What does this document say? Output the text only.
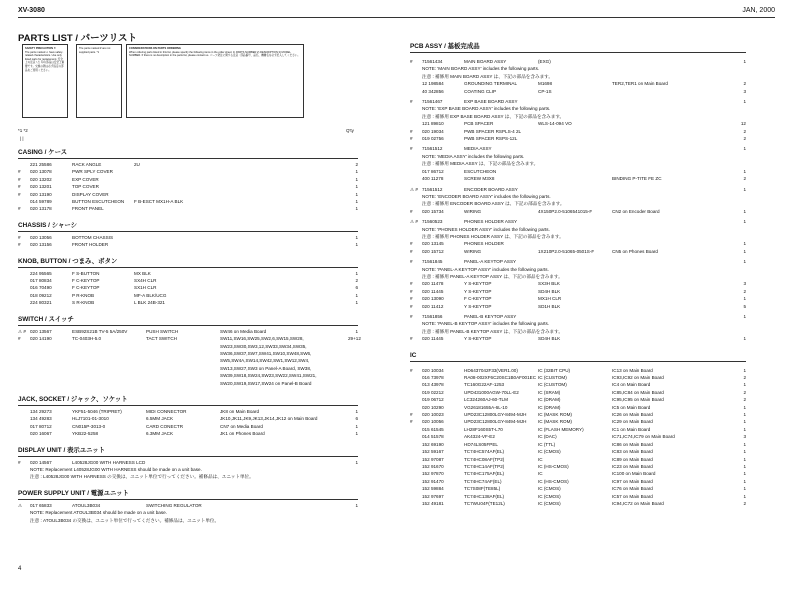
XV-3080	JAN, 2000
PARTS LIST / パーツリスト
SAFETY PRECAUTION !!
The parts marked ⚠ have safety-related characteristics. Use only listed parts for replacement. 安全上の注意 ! ⚠ 印の部品は安全上重要です。交換の際は必ず指定の部品をご使用ください。
The parts marked # are not supplied parts. *1
CONSIDERATIONS ON PARTS ORDERING
When ordering parts listed in this list, please specify the following items in the order sheet: 1) PARTS NUMBER 2) DESCRIPTION 3) MODEL NUMBER. If there is no description in the parts list, please contact us. パーツ発注に関する注意 : 部品番号、品名、機種名を必ず記入してください。
*1 *2
| |
Q'ty
CASING / ケース
221 25586	RACK ANGLE	2U	2
#	020 13078	PWR SPLY COVER	1
#	020 13202	EXP COVER	1
#	020 13201	TOP COVER	1
#	020 13190	DISPLAY COVER	1
014 59789	BUTTON ESCUTCHEON	F B-ESCT MX1H-A BLK	1
#	020 13178	FRONT PANEL	1
CHASSIS / シャーシ
#	020 13056	BOTTOM CHASSIS	1
#	020 13156	FRONT HOLDER	1
KNOB, BUTTON / つまみ、ボタン
224 95565	F S-BUTTON	MX BLK	1
017 80834	F C-KEYTOP	SX4H CLR	2
016 70490	F C-KEYTOP	SX1H CLR	6
018 09212	P R-KNOB	MF-A BLK/UCG	1
224 80321	S R-KNOB	L BLK 24B-321	1
SWITCH / スイッチ
⚠ # 020 13567	ESB92S21B TV-5 5A/250V	PUSH SWITCH	SW46 on Media Board	1
#	020 14190	TC-0403H-5.0	TACT SWITCH	SW11,SW16,SW25,SW2,6,SW15,SW28, SW23,SW30,SW3,12,SW33,SW34,SW35, SW36,SW37,SW7,SW41,SW10,SW48,SW6, SW5,SW4A,SW14,SW42,SW1,SW12,SW4, SW13,SW27,SW3 on Panel-A Board, SW38, SW39,SW18,SW24,SW23,SW22,SW41,SW21, SW20,SW19,SW17,SW24 on Panel-B Board
29+12
JACK, SOCKET / ジャック、ソケット
134 29273	YKF51-5046 (TRIPRET)	MIDI CONNECTOR	JK8 on Main Board	1
134 49283	HLJ7101-01-3010	6.5MM JACK	JK10,JK11,JK9,JK13,JK14,JK12 on Main Board	6
017 80712	CN015P-3013-0	CARD CONECTR	CN7 on Media Board	1
020 16067	YKB22-5258	6.3MM JACK	JK1 on Phones Board	1
DISPLAY UNIT / 表示ユニット
#	020 14567	L40528JG00 WITH HARNESS LCD	1
NOTE: Replacement L40528JG00 WITH HARNESS should be made on a unit base.
注意 : L40528JG00 WITH HARNESS の交換は、ユニット単位で行ってください。補修品は、ユニット単位。
POWER SUPPLY UNIT / 電源ユニット
⚠	017 65833	ATOUL3B034	SWITCHING REGULATOR	1
NOTE: Replacement ATOUL3B034 should be made on a unit base.
注意 : ATOUL3B034 の交換は、ユニット単位で行ってください。補修品は、ユニット単位。
PCB ASSY / 基板完成品
#	71561434	MAIN BOARD ASSY	(EXG)	1
NOTE: 'MAIN BOARD ASSY' includes the following parts.
注意 : 補修用 MAIN BOARD ASSY は、下記の部品を含みます。
12 198584	GROUNDING TERMINAL	M1698	TER2,TER1 on Main Board	2
40 342856	COATING CLIP	CP-1S	3
#	71561467	EXP BASE BOARD ASSY	1
NOTE: 'EXP BASE BOARD ASSY' includes the following parts.
注意 : 補修用 EXP BASE BOARD ASSY は、下記の部品を含みます。
121 89810	PCB SPACER	WLS-14-094 VO	12
#	020 19034	PWB SPACER RSPLS-4 2L	2
#	019 02756	PWB SPACER RSPS-12L	2
#	71561512	MEDIA ASSY	1
NOTE: 'MEDIA ASSY' includes the following parts.
注意 : 補修用 MEDIA ASSY は、下記の部品を含みます。
017 86712	ESCUTCHEON	1
400 11278	SCREW M3X8	BINDING P-TITE FE ZC	2
⚠ # 71561512	ENCODER BOARD ASSY	1
NOTE: 'ENCODER BOARD ASSY' includes the following parts.
注意 : 補修用 ENCODER BOARD ASSY は、下記の部品を含みます。
#	020 15734	WIRING	4X150P2.0-5106541015-F	CN2 on Encoder Board	1
⚠ # 71560523	PHONES HOLDER ASSY	1
NOTE: 'PHONES HOLDER ASSY' includes the following parts.
注意 : 補修用 PHONES HOLDER ASSY は、下記の部品を含みます。
#	020 13145	PHONES HOLDER	1
#	020 15712	WIRING	1X210P2.0-51065-0501S-F	CN5 on Phones Board	1
#	71561845	PANEL-A KEYTOP ASSY	1
NOTE: 'PANEL-A KEYTOP ASSY' includes the following parts.
注意 : 補修用 PANEL-A KEYTOP ASSY は、下記の部品を含みます。
#	020 11478	Y S-KEYTOP	SX3H BLK	3
#	020 11445	Y S-KEYTOP	SD4H BLK	2
#	020 13090	F C-KEYTOP	MX1H CLR	1
#	020 11412	Y S-KEYTOP	SD1H BLK	5
#	71561856	PANEL-B KEYTOP ASSY	1
NOTE: 'PANEL-B KEYTOP ASSY' includes the following parts.
注意 : 補修用 PANEL-B KEYTOP ASSY は、下記の部品を含みます。
#	020 11445	Y S-KEYTOP	SD4H BLK	1
IC
#	020 10034	HD6437042F33(VER1.00)	IC (32BIT CPU)	IC13 on Main Board	1
016 73978	RA08-002XF6C20SC1B0AF001EC IC (CUSTOM)	IC93,IC92 on Main Board	2
013 43978	TC160G22AF-1253	IC (CUSTOM)	IC4 on Main Board	1
019 02212	UPD431000AGW-70LL-E2	IC (SRAM)	IC85,IC84 on Main Board	2
019 06712	LC324260AJ-60-TLM	IC (DRAM)	IC95,IC95 on Main Board	2
020 10290	VG26181655A-6L-10	IC (DRAM)	IC5 on Main Board	1
#	020 10023	UPD23C12800LGY-8494-MJH	IC (MASK ROM)	IC26 on Main Board	1
#	020 10056	UPD23C12800LGY-8494-MJH	IC (MASK ROM)	IC29 on Main Board	1
015 61545	LH28F160S5T-L70	IC (FLASH MEMORY)	IC1 on Main Board	1
014 51578	AK4324-VF-E2	IC (DAC)	IC71,IC74,IC79 on Main Board	3
152 69190	HD74LS05FPEL	IC (TTL)	IC86 on Main Board	1
152 59167	TC74HC574AF(EL)	IC (CMOS)	IC83 on Main Board	1
152 97087	TC74HC08AF(TP2)	IC	IC89 on Main Board	1
152 91670	TC74HC14AF(TP2)	IC (HS-CMOS)	IC23 on Main Board	1
152 97870	TC74HC175AF(EL)	IC	IC100 on Main Board	1
152 91470	TC74HC74AF(EL)	IC (HS-CMOS)	IC97 on Main Board	1
152 59884	TC7S08F(TE85L)	IC (CMOS)	IC76 on Main Board	1
152 97697	TC74HC138AF(EL)	IC (CMOS)	IC57 on Main Board	1
152 49181	TC7WU04F(TE12L)	IC (CMOS)	IC94,IC72 on Main Board	2
4
